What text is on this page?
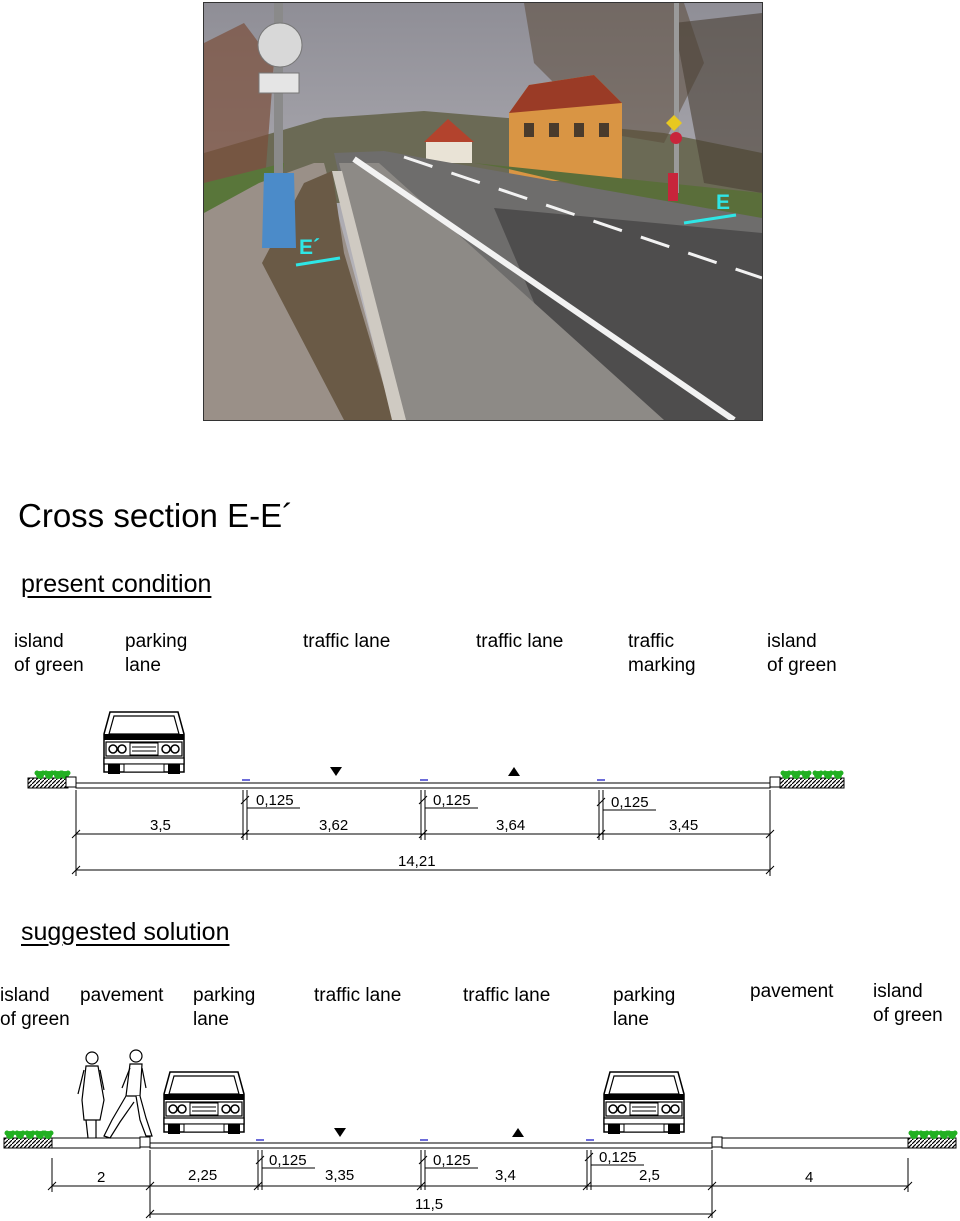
E´
E
Cross section E-E´
present condition
island
of green
parking
lane
traffic lane	traffic lane	traffic
marking
island
of green
0,125	0,125	0,125
3,5	3,62	3,64	3,45
14,21
suggested solution
island
of green
pavement parking
lane
traffic lane	traffic lane	parking
lane
pavement island
of green
0,125	0,125	0,125
2	2,25	3,35	3,4	2,5	4
11,5
